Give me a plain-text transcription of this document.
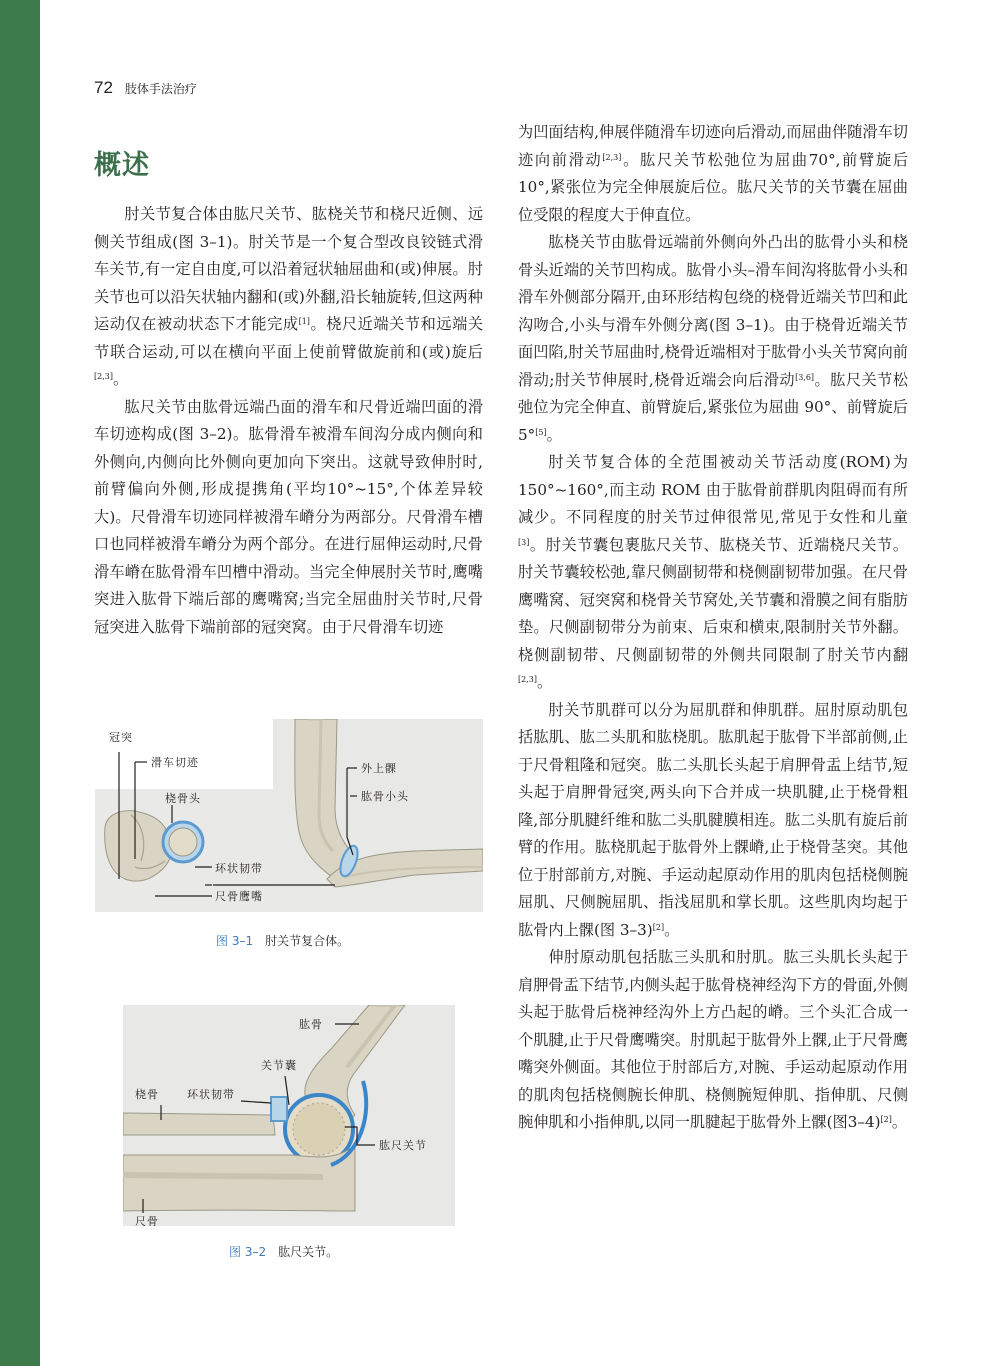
72 肢体手法治疗
概述

肘关节复合体由肱尺关节、肱桡关节和桡尺近侧、远侧关节组成(图 3–1)。肘关节是一个复合型改良铰链式滑车关节,有一定自由度,可以沿着冠状轴屈曲和(或)伸展。肘关节也可以沿矢状轴内翻和(或)外翻,沿长轴旋转,但这两种运动仅在被动状态下才能完成[1]。桡尺近端关节和远端关节联合运动,可以在横向平面上使前臂做旋前和(或)旋后[2,3]。

肱尺关节由肱骨远端凸面的滑车和尺骨近端凹面的滑车切迹构成(图 3–2)。肱骨滑车被滑车间沟分成内侧向和外侧向,内侧向比外侧向更加向下突出。这就导致伸肘时,前臂偏向外侧,形成提携角(平均10°~15°,个体差异较大)。尺骨滑车切迹同样被滑车嵴分为两部分。尺骨滑车槽口也同样被滑车嵴分为两个部分。在进行屈伸运动时,尺骨滑车嵴在肱骨滑车凹槽中滑动。当完全伸展肘关节时,鹰嘴突进入肱骨下端后部的鹰嘴窝;当完全屈曲肘关节时,尺骨冠突进入肱骨下端前部的冠突窝。由于尺骨滑车切迹

冠突
滑车切迹
桡骨头
环状韧带
尺骨鹰嘴
外上髁
肱骨小头
图 3–1 肘关节复合体。
肱骨
关节囊
桡骨	环状韧带
肱尺关节
尺骨
图 3–2 肱尺关节。

为凹面结构,伸展伴随滑车切迹向后滑动,而屈曲伴随滑车切迹向前滑动[2,3]。肱尺关节松弛位为屈曲70°,前臂旋后 10°,紧张位为完全伸展旋后位。肱尺关节的关节囊在屈曲位受限的程度大于伸直位。

肱桡关节由肱骨远端前外侧向外凸出的肱骨小头和桡骨头近端的关节凹构成。肱骨小头–滑车间沟将肱骨小头和滑车外侧部分隔开,由环形结构包绕的桡骨近端关节凹和此沟吻合,小头与滑车外侧分离(图 3–1)。由于桡骨近端关节面凹陷,肘关节屈曲时,桡骨近端相对于肱骨小头关节窝向前滑动;肘关节伸展时,桡骨近端会向后滑动[3,6]。肱尺关节松弛位为完全伸直、前臂旋后,紧张位为屈曲 90°、前臂旋后5°[5]。

肘关节复合体的全范围被动关节活动度(ROM)为 150°~160°,而主动 ROM 由于肱骨前群肌肉阻碍而有所减少。不同程度的肘关节过伸很常见,常见于女性和儿童[3]。肘关节囊包裹肱尺关节、肱桡关节、近端桡尺关节。肘关节囊较松弛,靠尺侧副韧带和桡侧副韧带加强。在尺骨鹰嘴窝、冠突窝和桡骨关节窝处,关节囊和滑膜之间有脂肪垫。尺侧副韧带分为前束、后束和横束,限制肘关节外翻。桡侧副韧带、尺侧副韧带的外侧共同限制了肘关节内翻[2,3]。

肘关节肌群可以分为屈肌群和伸肌群。屈肘原动肌包括肱肌、肱二头肌和肱桡肌。肱肌起于肱骨下半部前侧,止于尺骨粗隆和冠突。肱二头肌长头起于肩胛骨盂上结节,短头起于肩胛骨冠突,两头向下合并成一块肌腱,止于桡骨粗隆,部分肌腱纤维和肱二头肌腱膜相连。肱二头肌有旋后前臂的作用。肱桡肌起于肱骨外上髁嵴,止于桡骨茎突。其他位于肘部前方,对腕、手运动起原动作用的肌肉包括桡侧腕屈肌、尺侧腕屈肌、指浅屈肌和掌长肌。这些肌肉均起于肱骨内上髁(图 3–3)[2]。

伸肘原动肌包括肱三头肌和肘肌。肱三头肌长头起于肩胛骨盂下结节,内侧头起于肱骨桡神经沟下方的骨面,外侧头起于肱骨后桡神经沟外上方凸起的嵴。三个头汇合成一个肌腱,止于尺骨鹰嘴突。肘肌起于肱骨外上髁,止于尺骨鹰嘴突外侧面。其他位于肘部后方,对腕、手运动起原动作用的肌肉包括桡侧腕长伸肌、桡侧腕短伸肌、指伸肌、尺侧腕伸肌和小指伸肌,以同一肌腱起于肱骨外上髁(图3–4)[2]。
